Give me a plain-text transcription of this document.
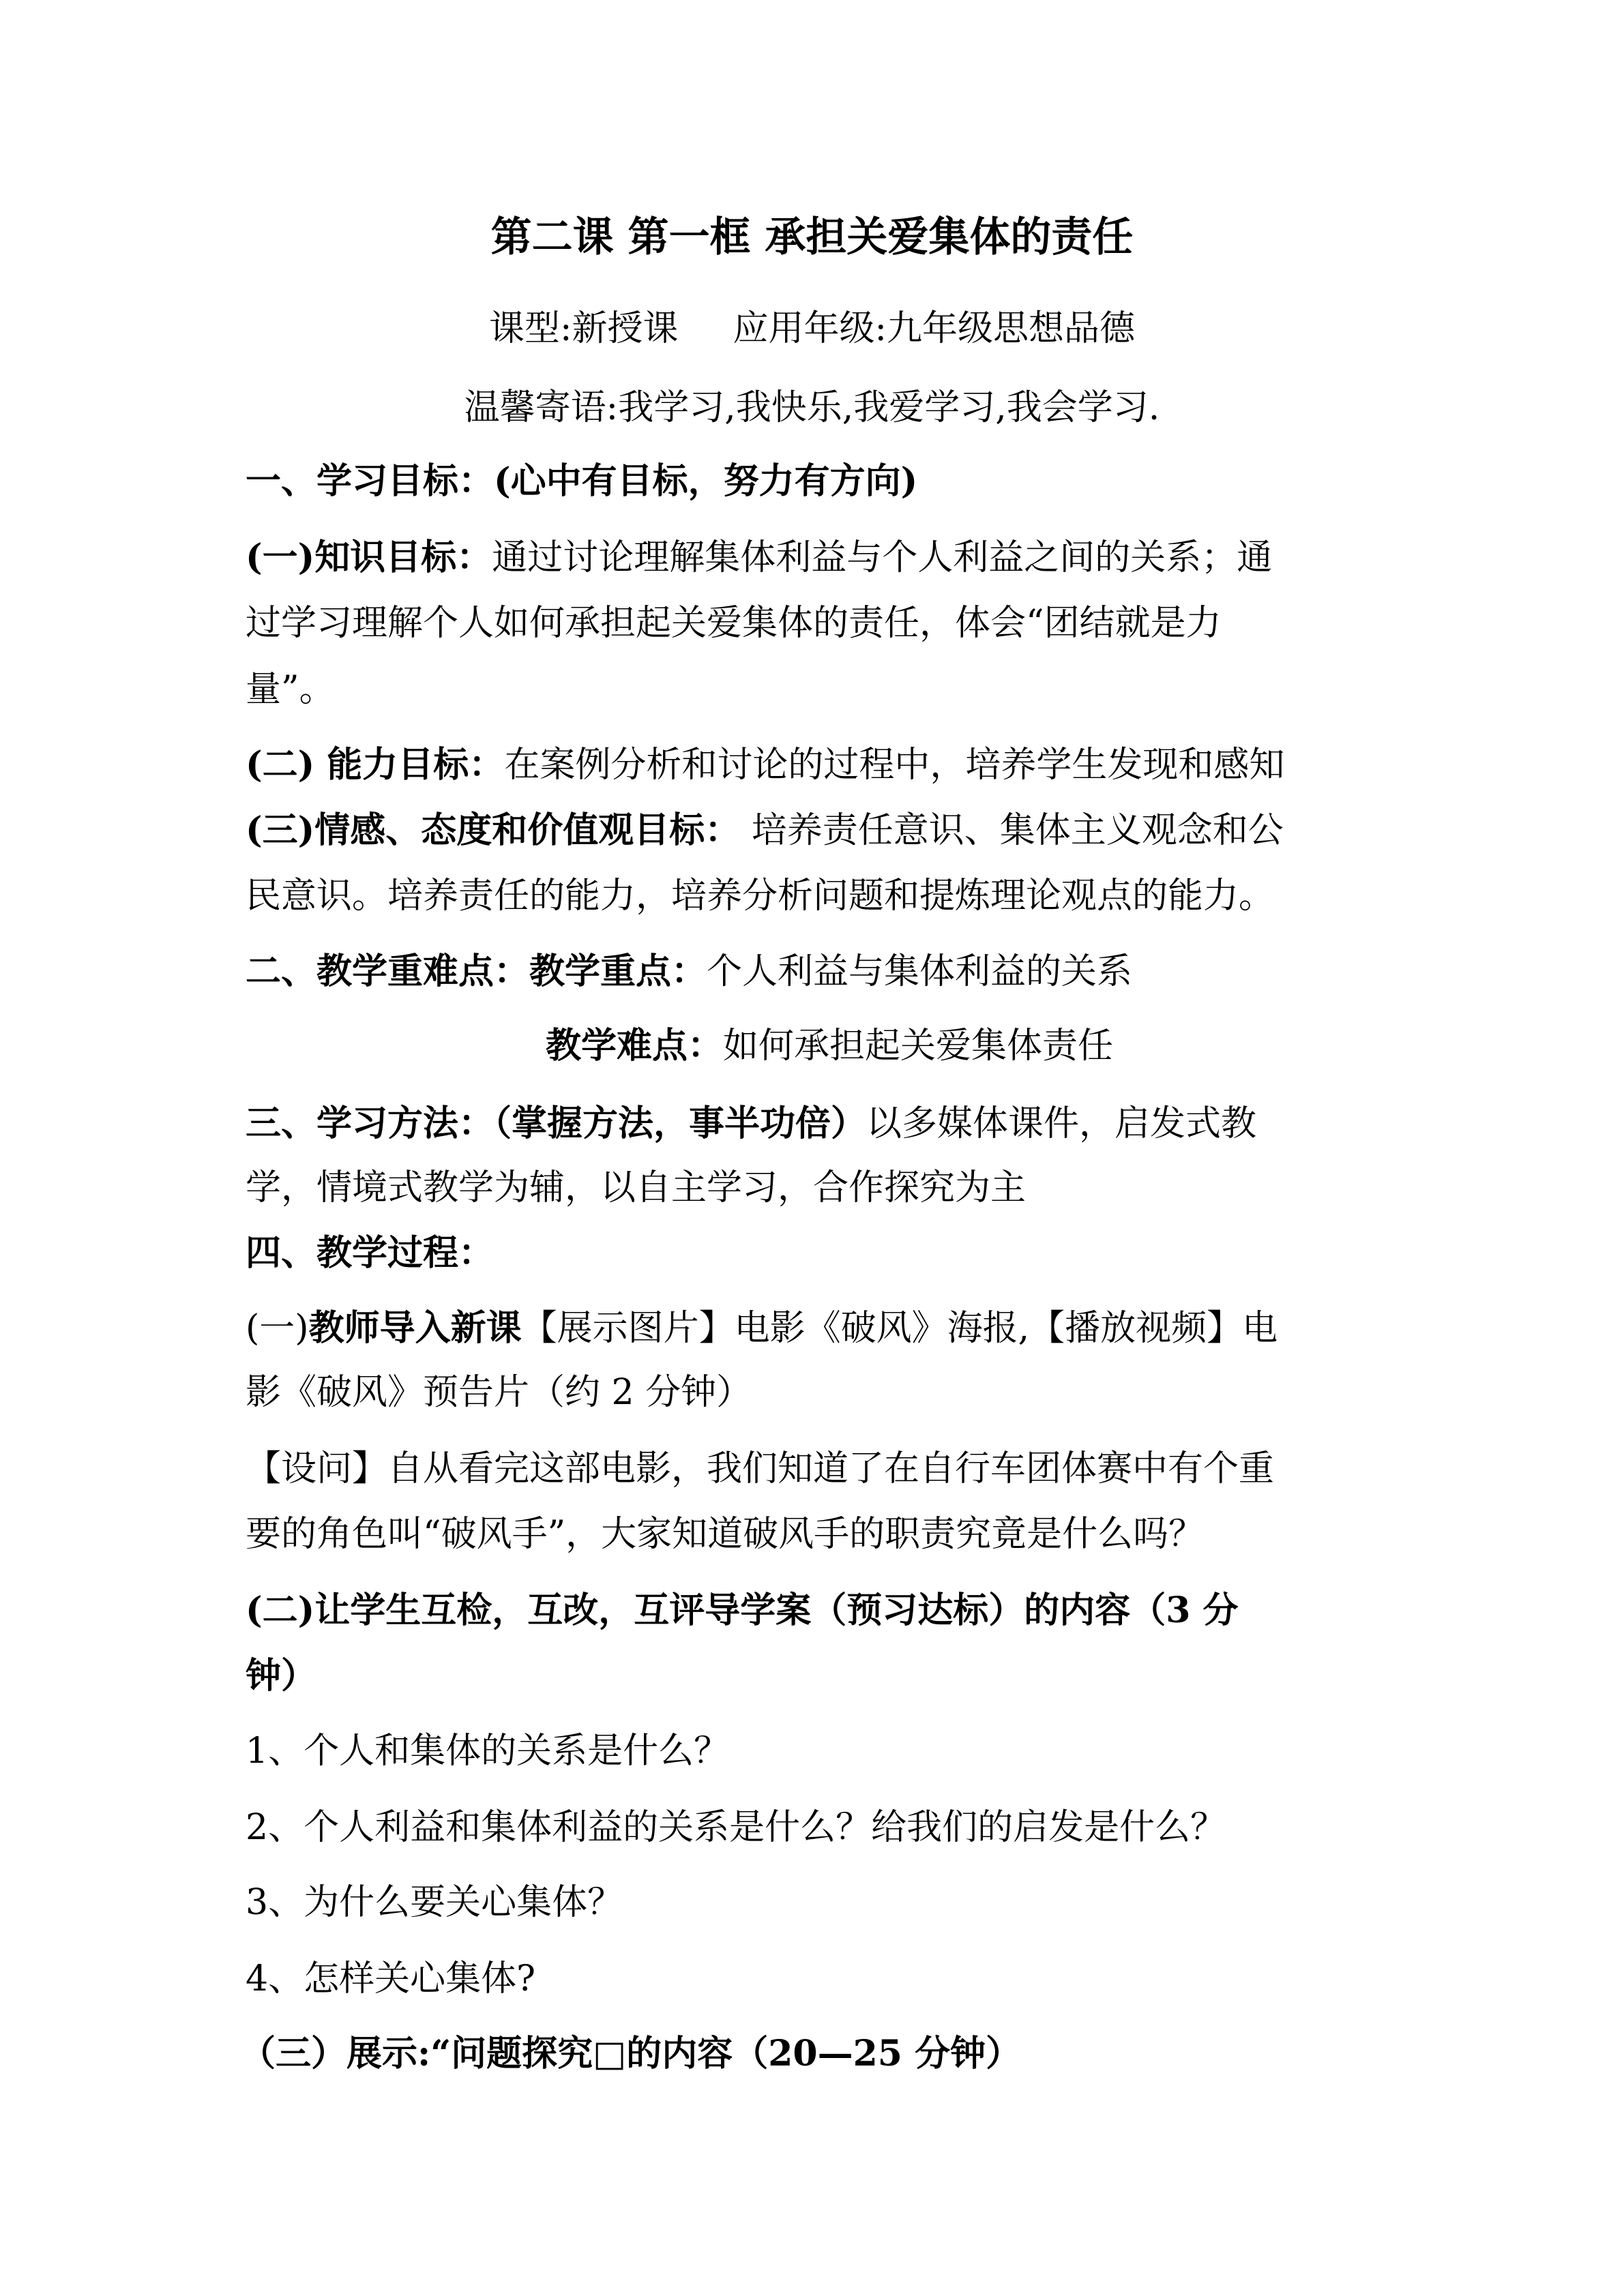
第二课 第一框 承担关爱集体的责任
课型:新授课 应用年级:九年级思想品德
温馨寄语:我学习,我快乐,我爱学习,我会学习.
一、学习目标：(心中有目标，努力有方向)
(一)知识目标：通过讨论理解集体利益与个人利益之间的关系；通
过学习理解个人如何承担起关爱集体的责任，体会“团结就是力
量”。
(二) 能力目标：在案例分析和讨论的过程中，培养学生发现和感知
(三)情感、态度和价值观目标： 培养责任意识、集体主义观念和公
民意识。培养责任的能力，培养分析问题和提炼理论观点的能力。
二、教学重难点：教学重点：个人利益与集体利益的关系
教学难点：如何承担起关爱集体责任
三、学习方法：（掌握方法，事半功倍）以多媒体课件，启发式教
学，情境式教学为辅，以自主学习，合作探究为主
四、教学过程：
(一)教师导入新课【展示图片】电影《破风》海报,【播放视频】电
影《破风》预告片（约 2 分钟）
【设问】自从看完这部电影，我们知道了在自行车团体赛中有个重
要的角色叫“破风手”，大家知道破风手的职责究竟是什么吗？
(二)让学生互检，互改，互评导学案（预习达标）的内容（3 分
钟）
1、个人和集体的关系是什么？
2、个人利益和集体利益的关系是什么？给我们的启发是什么？
3、为什么要关心集体？
4、怎样关心集体?
（三）展示:“问题探究□的内容（20—25 分钟）
